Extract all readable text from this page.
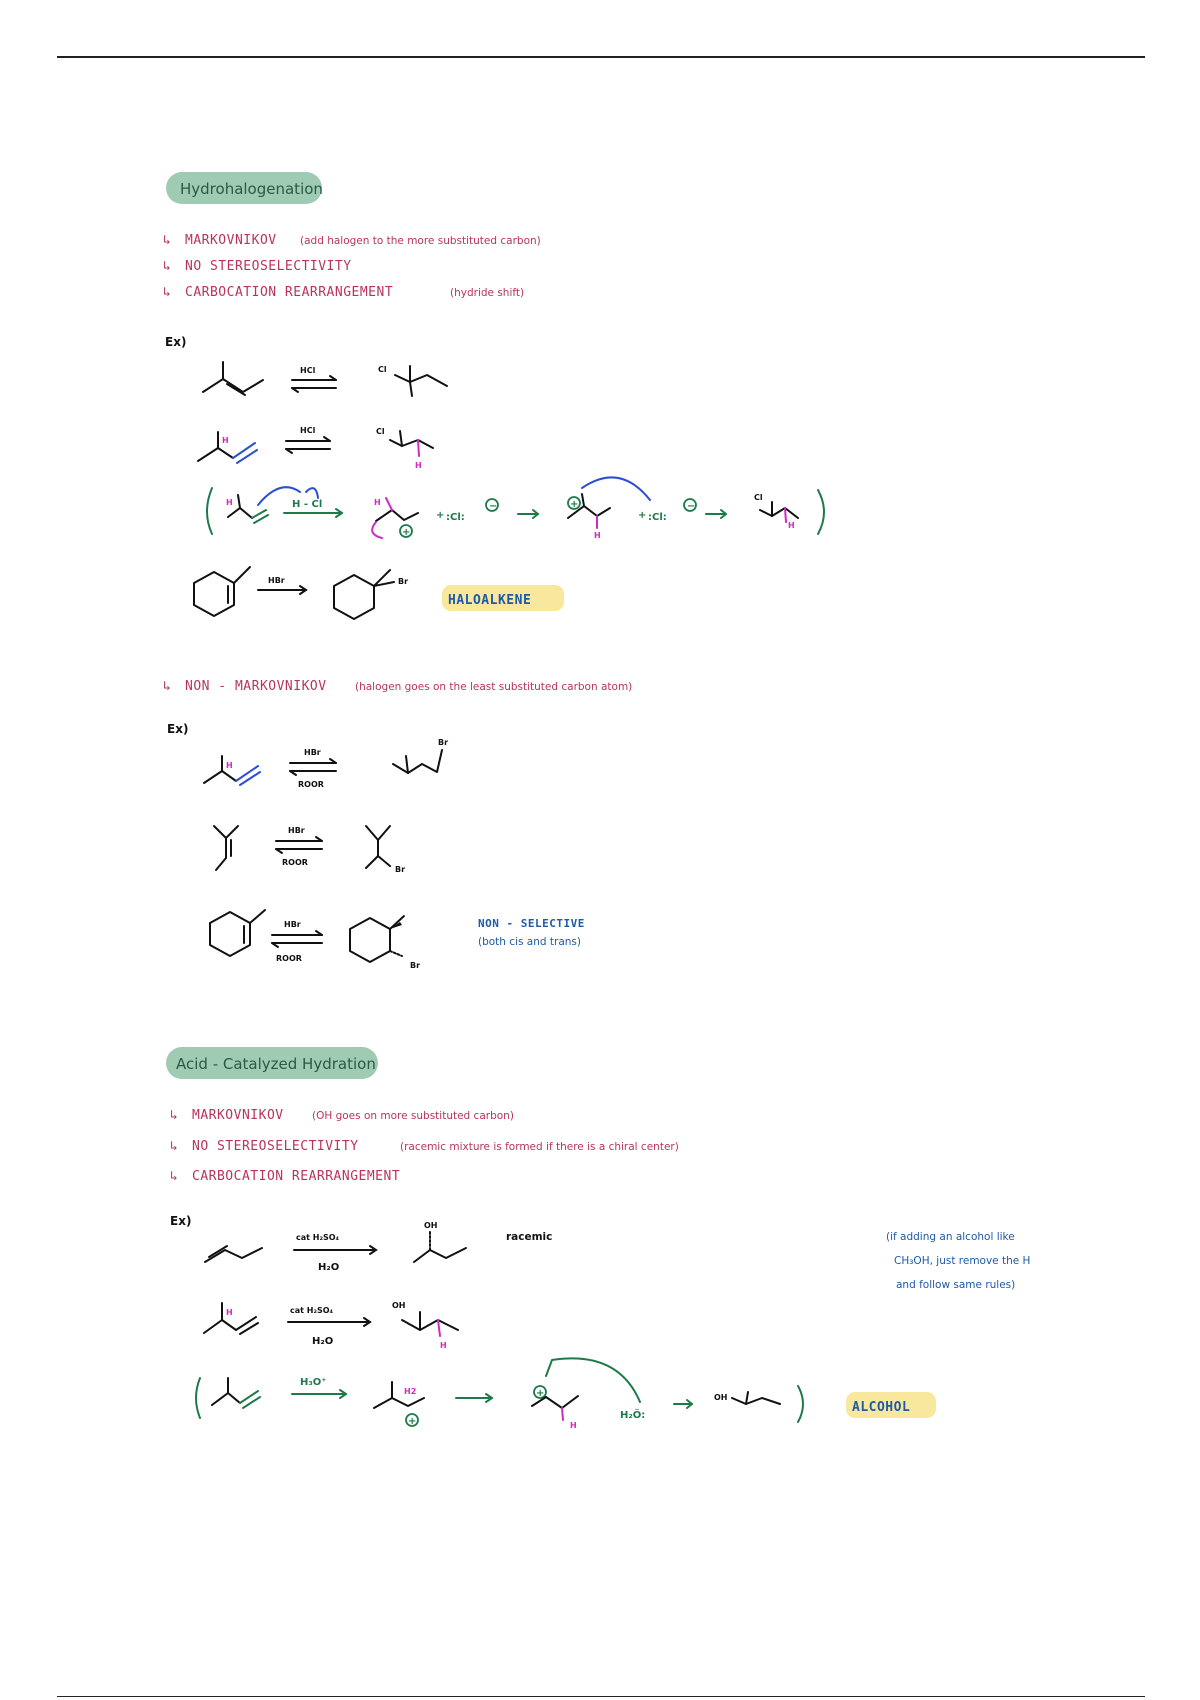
Hydrohalogenation
↳ MARKOVNIKOV (add halogen to the more substituted carbon)
↳ NO STEREOSELECTIVITY
↳ CARBOCATION REARRANGEMENT	(hydride shift)
Ex)
HCl	Cl
H
HCl	Cl
H
H	H - Cl	H
+
+ :Cl:
−	+
H
+ :Cl:
−
Cl
H
HBr	Br
HALOALKENE
↳ NON - MARKOVNIKOV	(halogen goes on the least substituted carbon atom)
Ex)
H
HBr
ROOR
Br
HBr
ROOR
Br
HBr
ROOR
Br
NON - SELECTIVE
(both cis and trans)
Acid - Catalyzed Hydration
↳ MARKOVNIKOV	(OH goes on more substituted carbon)
↳ NO STEREOSELECTIVITY	(racemic mixture is formed if there is a chiral center)
↳ CARBOCATION REARRANGEMENT
Ex)
cat H₂SO₄
H₂O
OH
racemic
H	cat H₂SO₄
H₂O
OH
H
(if adding an alcohol like
CH₃OH, just remove the H
and follow same rules)
H₃O⁺
H2
+
+
H
H₂Ö:
OH
ALCOHOL
